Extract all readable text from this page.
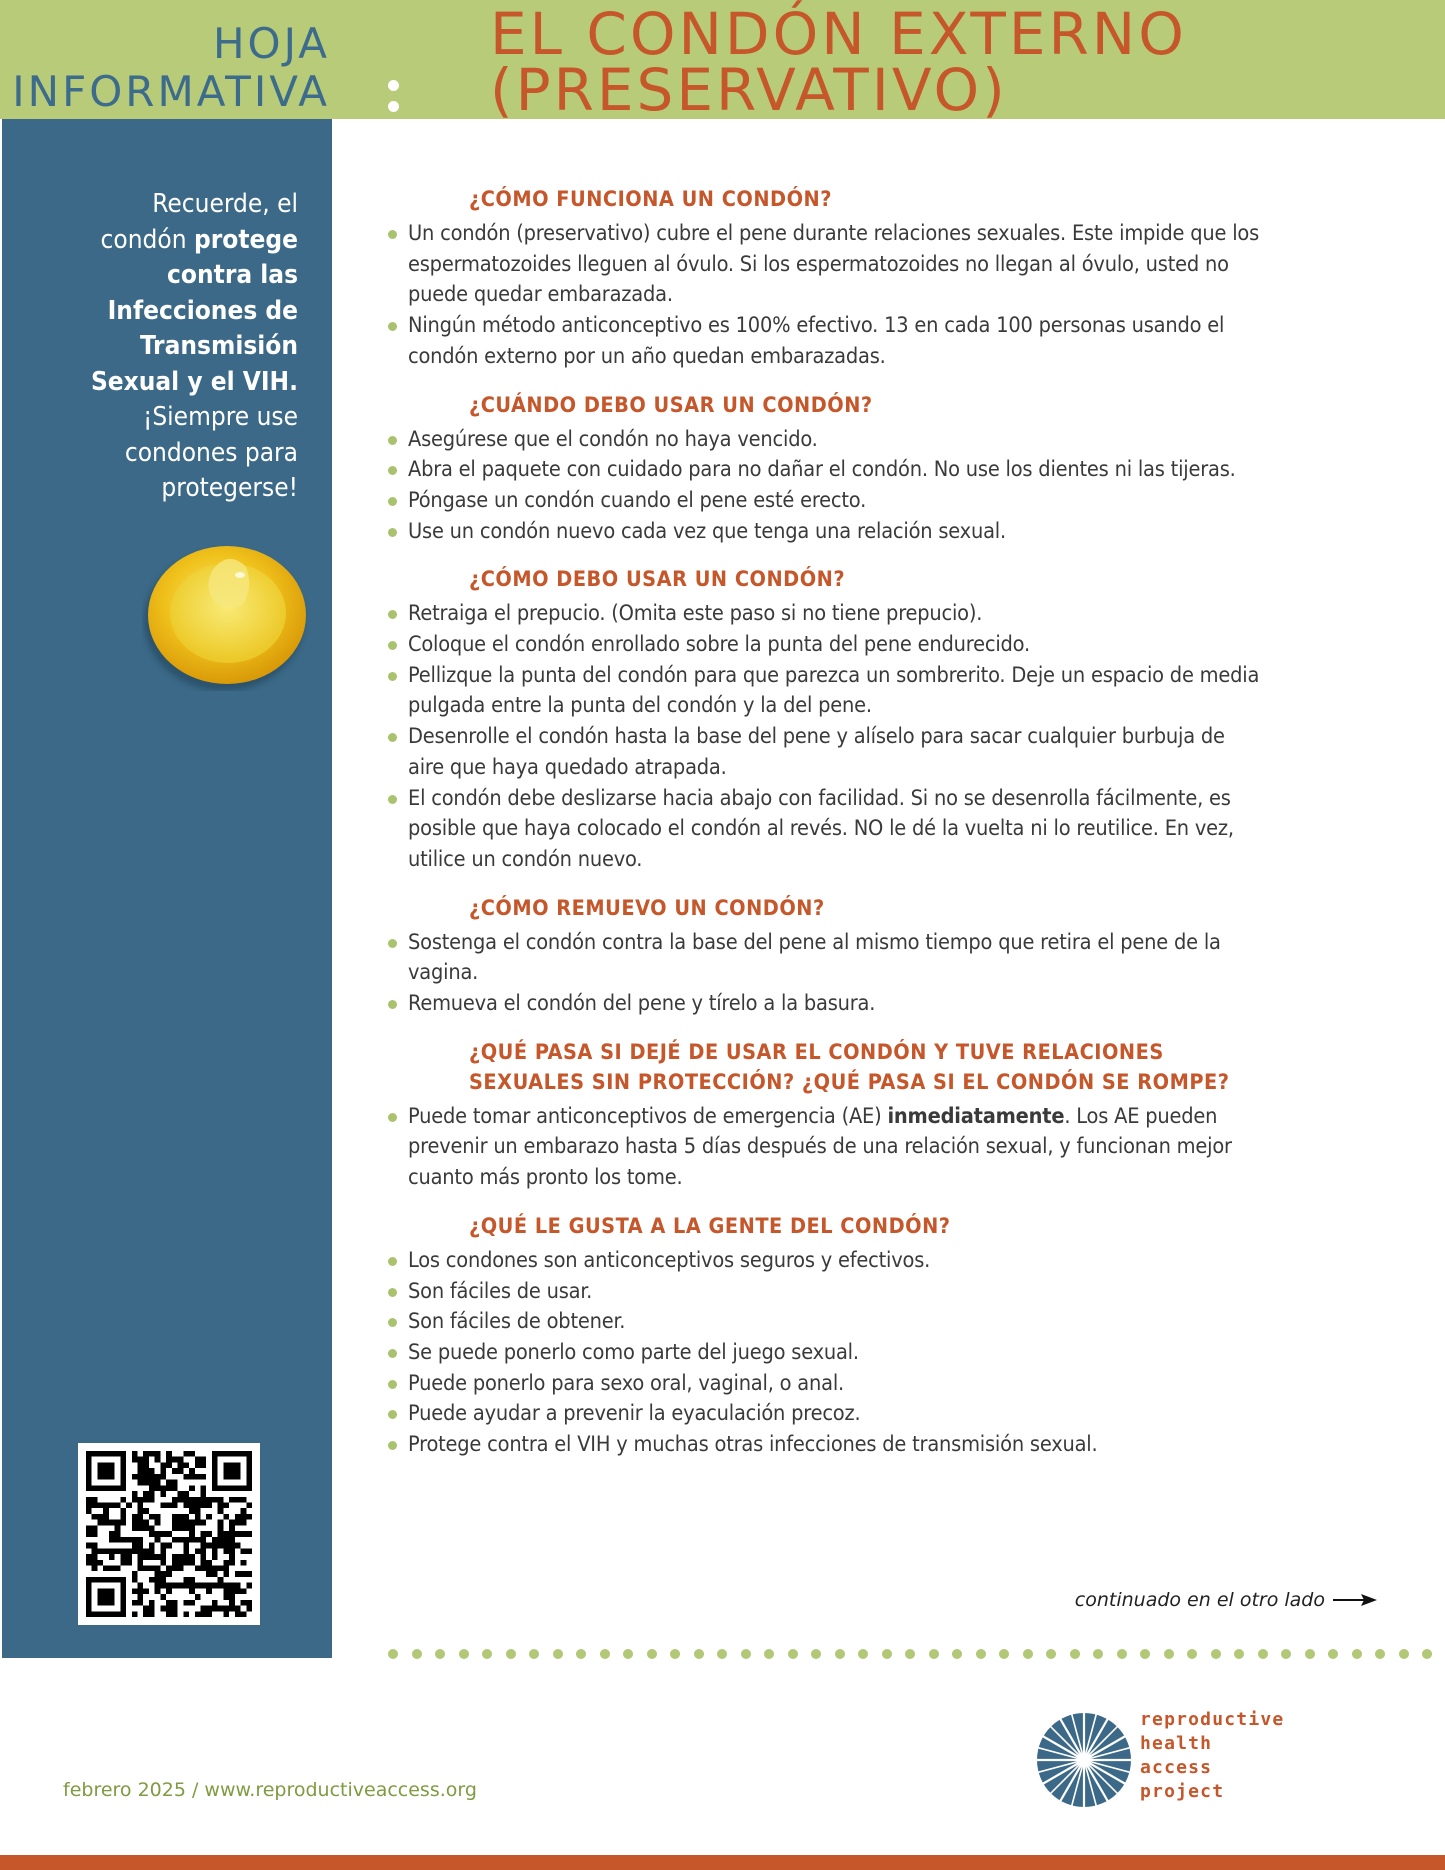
HOJA
INFORMATIVA
EL CONDÓN EXTERNO
(PRESERVATIVO)
Recuerde, el
condón protege
contra las
Infecciones de
Transmisión
Sexual y el VIH.
¡Siempre use
condones para
protegerse!
¿CÓMO FUNCIONA UN CONDÓN?
Un condón (preservativo) cubre el pene durante relaciones sexuales. Este impide que los espermatozoides lleguen al óvulo. Si los espermatozoides no llegan al óvulo, usted no puede quedar embarazada.
Ningún método anticonceptivo es 100% efectivo. 13 en cada 100 personas usando el condón externo por un año quedan embarazadas.
¿CUÁNDO DEBO USAR UN CONDÓN?
Asegúrese que el condón no haya vencido.
Abra el paquete con cuidado para no dañar el condón. No use los dientes ni las tijeras.
Póngase un condón cuando el pene esté erecto.
Use un condón nuevo cada vez que tenga una relación sexual.
¿CÓMO DEBO USAR UN CONDÓN?
Retraiga el prepucio. (Omita este paso si no tiene prepucio).
Coloque el condón enrollado sobre la punta del pene endurecido.
Pellizque la punta del condón para que parezca un sombrerito. Deje un espacio de media pulgada entre la punta del condón y la del pene.
Desenrolle el condón hasta la base del pene y alíselo para sacar cualquier burbuja de aire que haya quedado atrapada.
El condón debe deslizarse hacia abajo con facilidad. Si no se desenrolla fácilmente, es posible que haya colocado el condón al revés. NO le dé la vuelta ni lo reutilice. En vez, utilice un condón nuevo.
¿CÓMO REMUEVO UN CONDÓN?
Sostenga el condón contra la base del pene al mismo tiempo que retira el pene de la vagina.
Remueva el condón del pene y tírelo a la basura.
¿QUÉ PASA SI DEJÉ DE USAR EL CONDÓN Y TUVE RELACIONES SEXUALES SIN PROTECCIÓN? ¿QUÉ PASA SI EL CONDÓN SE ROMPE?
Puede tomar anticonceptivos de emergencia (AE) inmediatamente. Los AE pueden prevenir un embarazo hasta 5 días después de una relación sexual, y funcionan mejor cuanto más pronto los tome.
¿QUÉ LE GUSTA A LA GENTE DEL CONDÓN?
Los condones son anticonceptivos seguros y efectivos.
Son fáciles de usar.
Son fáciles de obtener.
Se puede ponerlo como parte del juego sexual.
Puede ponerlo para sexo oral, vaginal, o anal.
Puede ayudar a prevenir la eyaculación precoz.
Protege contra el VIH y muchas otras infecciones de transmisión sexual.
continuado en el otro lado
febrero 2025 / www.reproductiveaccess.org
reproductive
health
access
project
